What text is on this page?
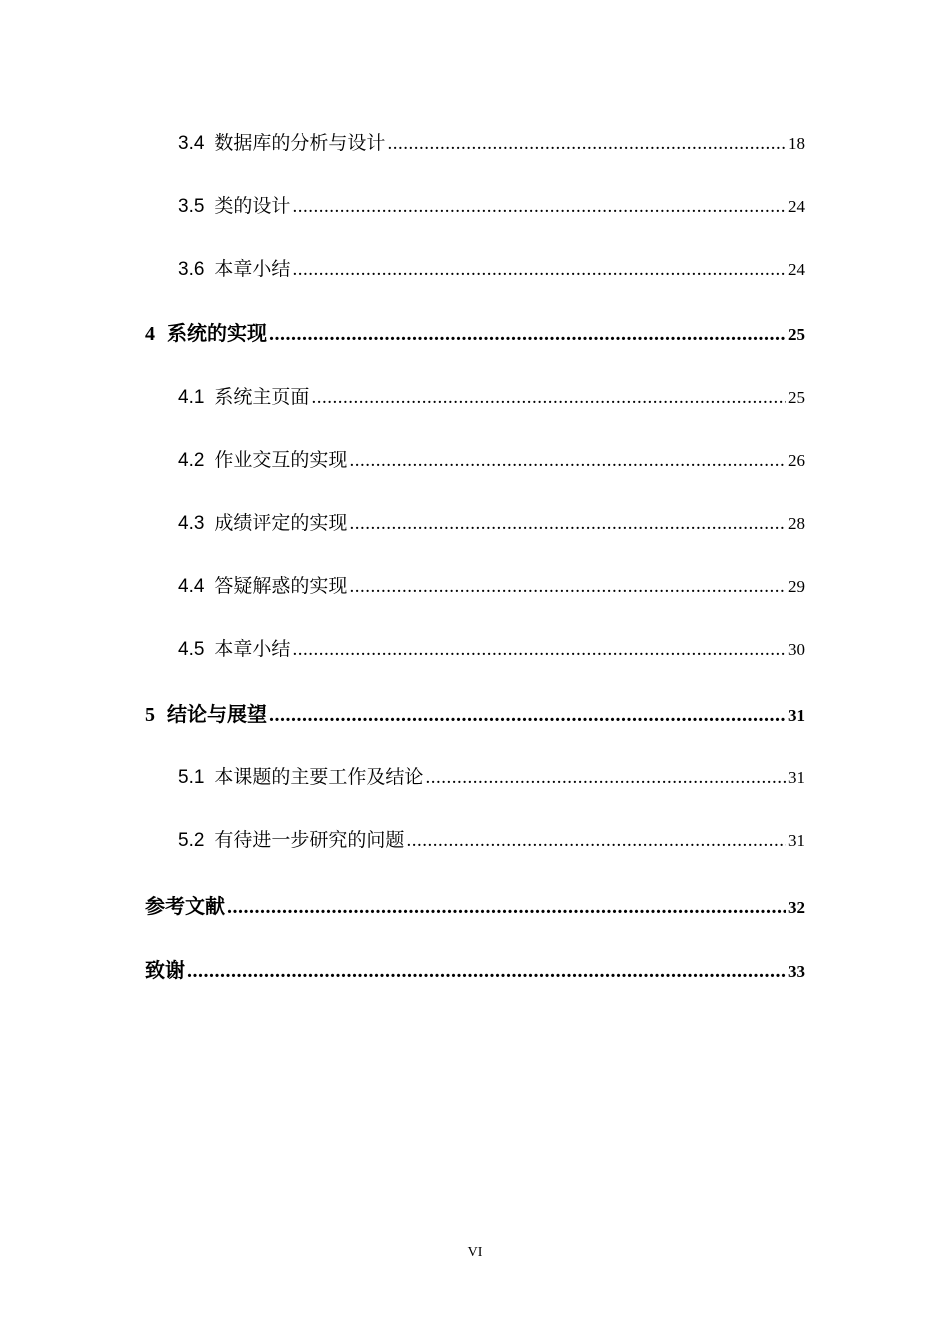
3.4 数据库的分析与设计 .....	18
3.5 类的设计 .....	24
3.6 本章小结 .....	24
4 系统的实现 .....	25
4.1 系统主页面 .....	25
4.2 作业交互的实现 .....	26
4.3 成绩评定的实现 .....	28
4.4 答疑解惑的实现 .....	29
4.5 本章小结 .....	30
5 结论与展望 .....	31
5.1 本课题的主要工作及结论 .....	31
5.2 有待进一步研究的问题 .....	31
参考文献 .....	32
致谢 .....	33
VI
